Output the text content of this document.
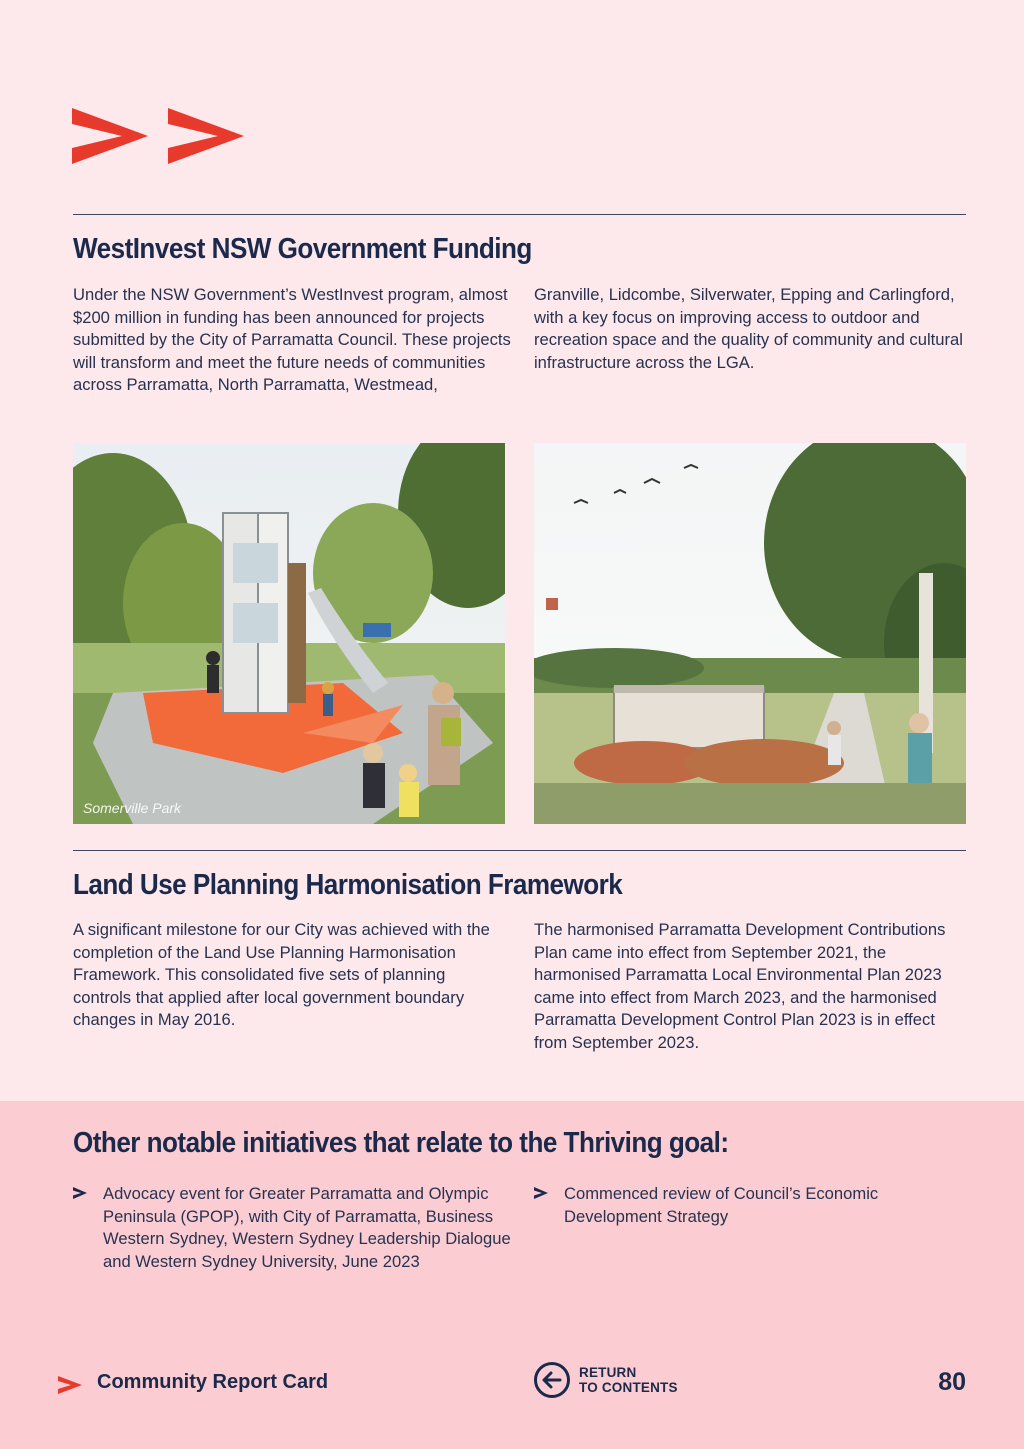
WestInvest NSW Government Funding

Under the NSW Government’s WestInvest program, almost $200 million in funding has been announced for projects submitted by the City of Parramatta Council. These projects will transform and meet the future needs of communities across Parramatta, North Parramatta, Westmead,

Granville, Lidcombe, Silverwater, Epping and Carlingford, with a key focus on improving access to outdoor and recreation space and the quality of community and cultural infrastructure across the LGA.

Somerville Park
Land Use Planning Harmonisation Framework

A significant milestone for our City was achieved with the completion of the Land Use Planning Harmonisation Framework. This consolidated five sets of planning controls that applied after local government boundary changes in May 2016.

The harmonised Parramatta Development Contributions Plan came into effect from September 2021, the harmonised Parramatta Local Environmental Plan 2023 came into effect from March 2023, and the harmonised Parramatta Development Control Plan 2023 is in effect from September 2023.

Other notable initiatives that relate to the Thriving goal:
Advocacy event for Greater Parramatta and Olympic Peninsula (GPOP), with City of Parramatta, Business Western Sydney, Western Sydney Leadership Dialogue and Western Sydney University, June 2023
Commenced review of Council’s Economic Development Strategy
Community Report Card	RETURN
TO CONTENTS	80
